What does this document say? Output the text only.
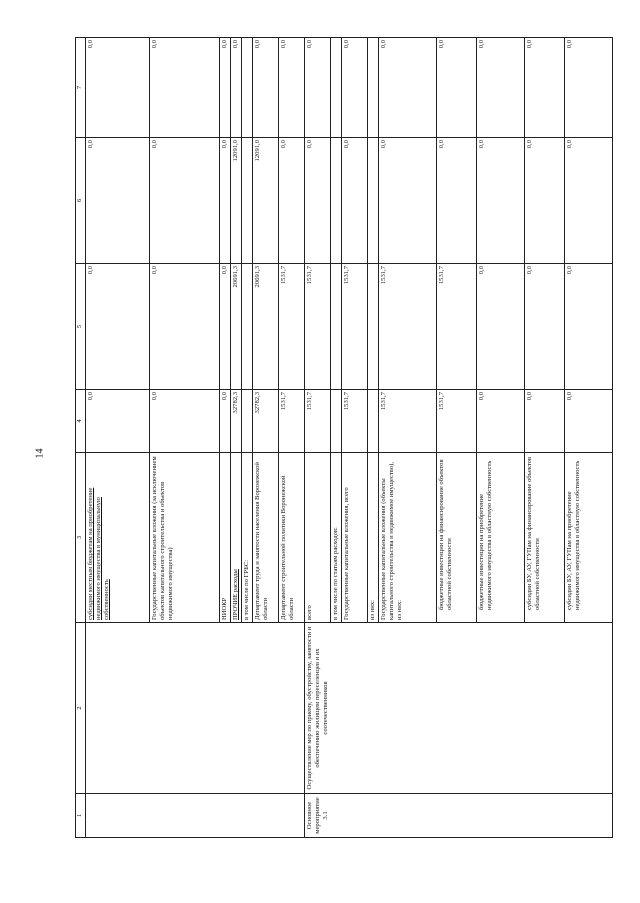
14
1	2	3	4	5	6	7
		субсидии местным бюджетам на приобретение недвижимого имущества в муниципальную собственность	0,0	0,0	0,0	0,0
		Государственные капитальные вложения (за исключением объектов капитального строительства и объектов недвижимого имущества)	0,0	0,0	0,0	0,0
		НИОКР	0,0	0,0	0,0	0,0
		ПРОЧИЕ расходы	32782,3	20691,3	12091,0	0,0
		в том числе по ГРБС:				
		Департамент труда и занятости населения Воронежской области	32782,3	20691,3	12091,0	0,0
		Департамент строительной политики Воронежской области	1531,7	1531,7	0,0	0,0
Основное мероприятие 3.1	Осуществление мер по приему, обустройству, занятости и обеспечению жилищем переселенцев и их соотечественников	всего	1531,7	1531,7	0,0	0,0
		в том числе по статьям расходов:				
		Государственные капитальные вложения, всего	1531,7	1531,7	0,0	0,0
		из них:				
		Государственные капитальные вложения (объекты капитального строительства и недвижимое имущество), из них:	1531,7	1531,7	0,0	0,0
		бюджетные инвестиции на финансирование объектов областной собственности	1531,7	1531,7	0,0	0,0
		бюджетные инвестиции на приобретение недвижимого имущества в областную собственность	0,0	0,0	0,0	0,0
		субсидии БУ, АУ, ГУПам на финансирование объектов областной собственности	0,0	0,0	0,0	0,0
		субсидии БУ, АУ, ГУПам на приобретение недвижимого имущества в областную собственность	0,0	0,0	0,0	0,0
